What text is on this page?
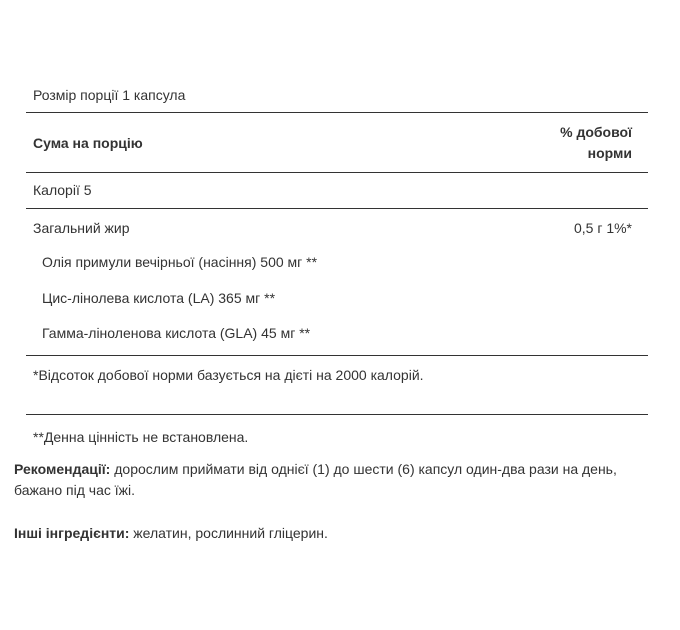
Розмір порції 1 капсула
Сума на порцію
% добової
норми
Калорії 5
Загальний жир	0,5 г 1%*
Олія примули вечірньої (насіння) 500 мг **
Цис-лінолева кислота (LA) 365 мг **
Гамма-ліноленова кислота (GLA) 45 мг **
*Відсоток добової норми базується на дієті на 2000 калорій.
**Денна цінність не встановлена.
Рекомендації: дорослим приймати від однієї (1) до шести (6) капсул один-два рази на день, бажано під час їжі.
Інші інгредієнти: желатин, рослинний гліцерин.
